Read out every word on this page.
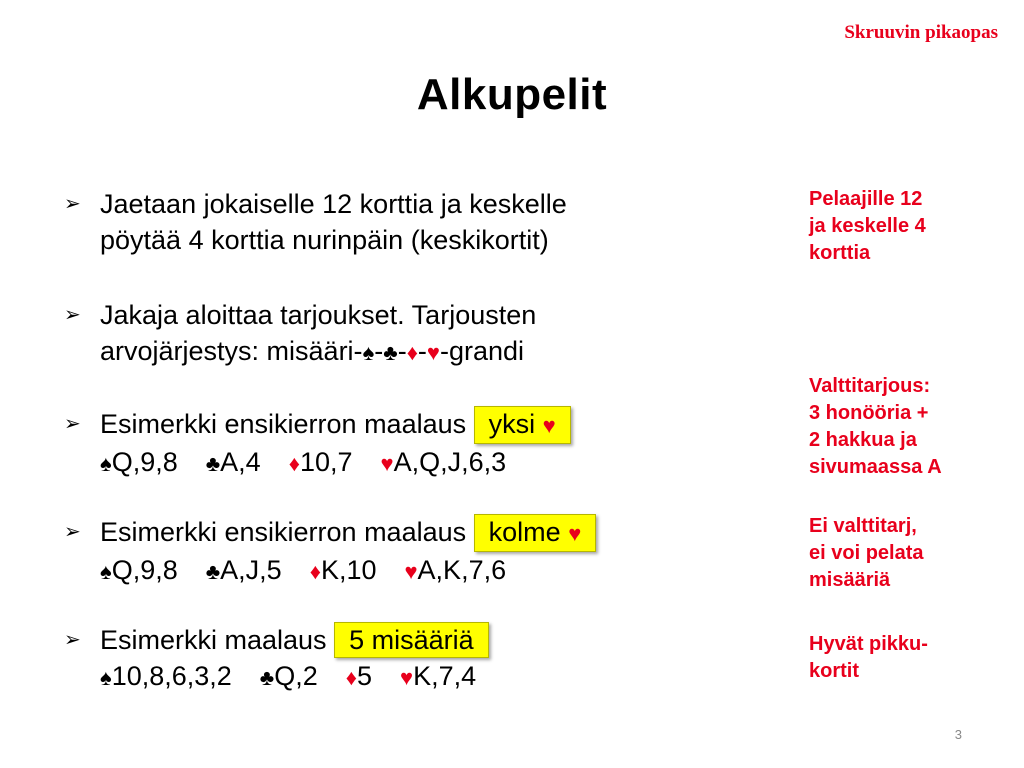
Skruuvin pikaopas
Alkupelit
➢ Jaetaan jokaiselle 12 korttia ja keskelle
pöytää 4 korttia nurinpäin (keskikortit)
➢ Jakaja aloittaa tarjoukset. Tarjousten
arvojärjestys: misääri-♠-♣-♦-♥-grandi
➢ Esimerkki ensikierron maalaus yksi ♥
♠Q,9,8 ♣A,4 ♦10,7 ♥A,Q,J,6,3
➢ Esimerkki ensikierron maalaus kolme ♥
♠Q,9,8 ♣A,J,5 ♦K,10 ♥A,K,7,6
➢ Esimerkki maalaus 5 misääriä
♠10,8,6,3,2 ♣Q,2 ♦5 ♥K,7,4
Pelaajille 12
ja keskelle 4
korttia
Valttitarjous:
3 honööria +
2 hakkua ja
sivumaassa A
Ei valttitarj,
ei voi pelata
misääriä
Hyvät pikku-
kortit
3
